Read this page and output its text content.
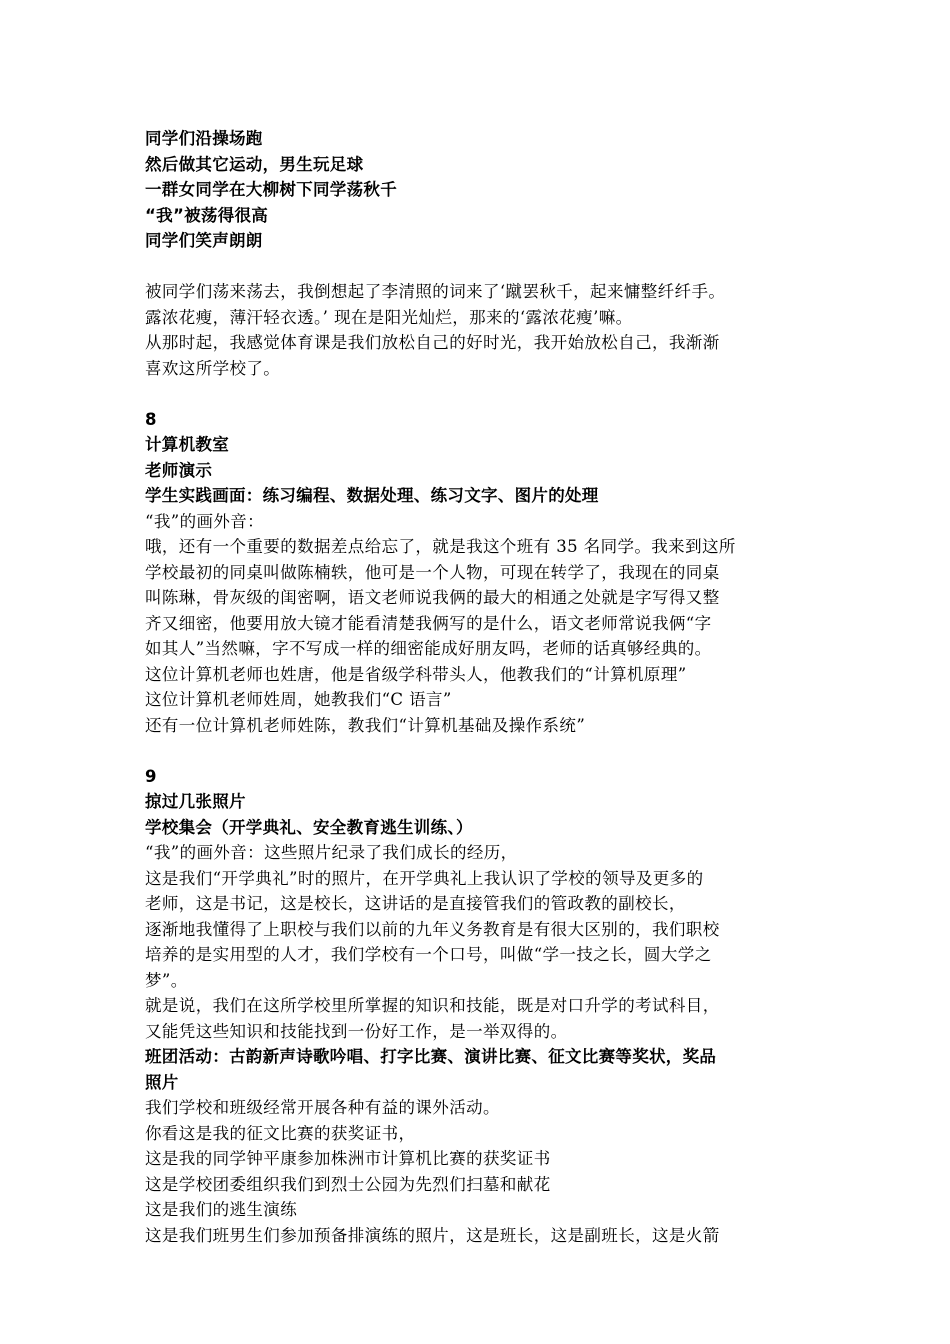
同学们沿操场跑
然后做其它运动，男生玩足球
一群女同学在大柳树下同学荡秋千
“我”被荡得很高
同学们笑声朗朗
被同学们荡来荡去，我倒想起了李清照的词来了‘蹴罢秋千，起来慵整纤纤手。
露浓花瘦，薄汗轻衣透。’ 现在是阳光灿烂，那来的‘露浓花瘦’嘛。
从那时起，我感觉体育课是我们放松自己的好时光，我开始放松自己，我渐渐
喜欢这所学校了。
8
计算机教室
老师演示
学生实践画面：练习编程、数据处理、练习文字、图片的处理
“我”的画外音：
哦，还有一个重要的数据差点给忘了，就是我这个班有 35 名同学。我来到这所
学校最初的同桌叫做陈楠轶，他可是一个人物，可现在转学了，我现在的同桌
叫陈琳，骨灰级的闺密啊，语文老师说我俩的最大的相通之处就是字写得又整
齐又细密，他要用放大镜才能看清楚我俩写的是什么，语文老师常说我俩“字
如其人”当然嘛，字不写成一样的细密能成好朋友吗，老师的话真够经典的。
这位计算机老师也姓唐，他是省级学科带头人，他教我们的“计算机原理”
这位计算机老师姓周，她教我们“C 语言”
还有一位计算机老师姓陈，教我们“计算机基础及操作系统”
9
掠过几张照片
学校集会（开学典礼、安全教育逃生训练、）
“我”的画外音：这些照片纪录了我们成长的经历，
这是我们“开学典礼”时的照片，在开学典礼上我认识了学校的领导及更多的
老师，这是书记，这是校长，这讲话的是直接管我们的管政教的副校长，
逐渐地我懂得了上职校与我们以前的九年义务教育是有很大区别的，我们职校
培养的是实用型的人才，我们学校有一个口号，叫做“学一技之长，圆大学之
梦”。
就是说，我们在这所学校里所掌握的知识和技能，既是对口升学的考试科目，
又能凭这些知识和技能找到一份好工作，是一举双得的。
班团活动：古韵新声诗歌吟唱、打字比赛、演讲比赛、征文比赛等奖状，奖品
照片
我们学校和班级经常开展各种有益的课外活动。
你看这是我的征文比赛的获奖证书，
这是我的同学钟平康参加株洲市计算机比赛的获奖证书
这是学校团委组织我们到烈士公园为先烈们扫墓和献花
这是我们的逃生演练
这是我们班男生们参加预备排演练的照片，这是班长，这是副班长，这是火箭
